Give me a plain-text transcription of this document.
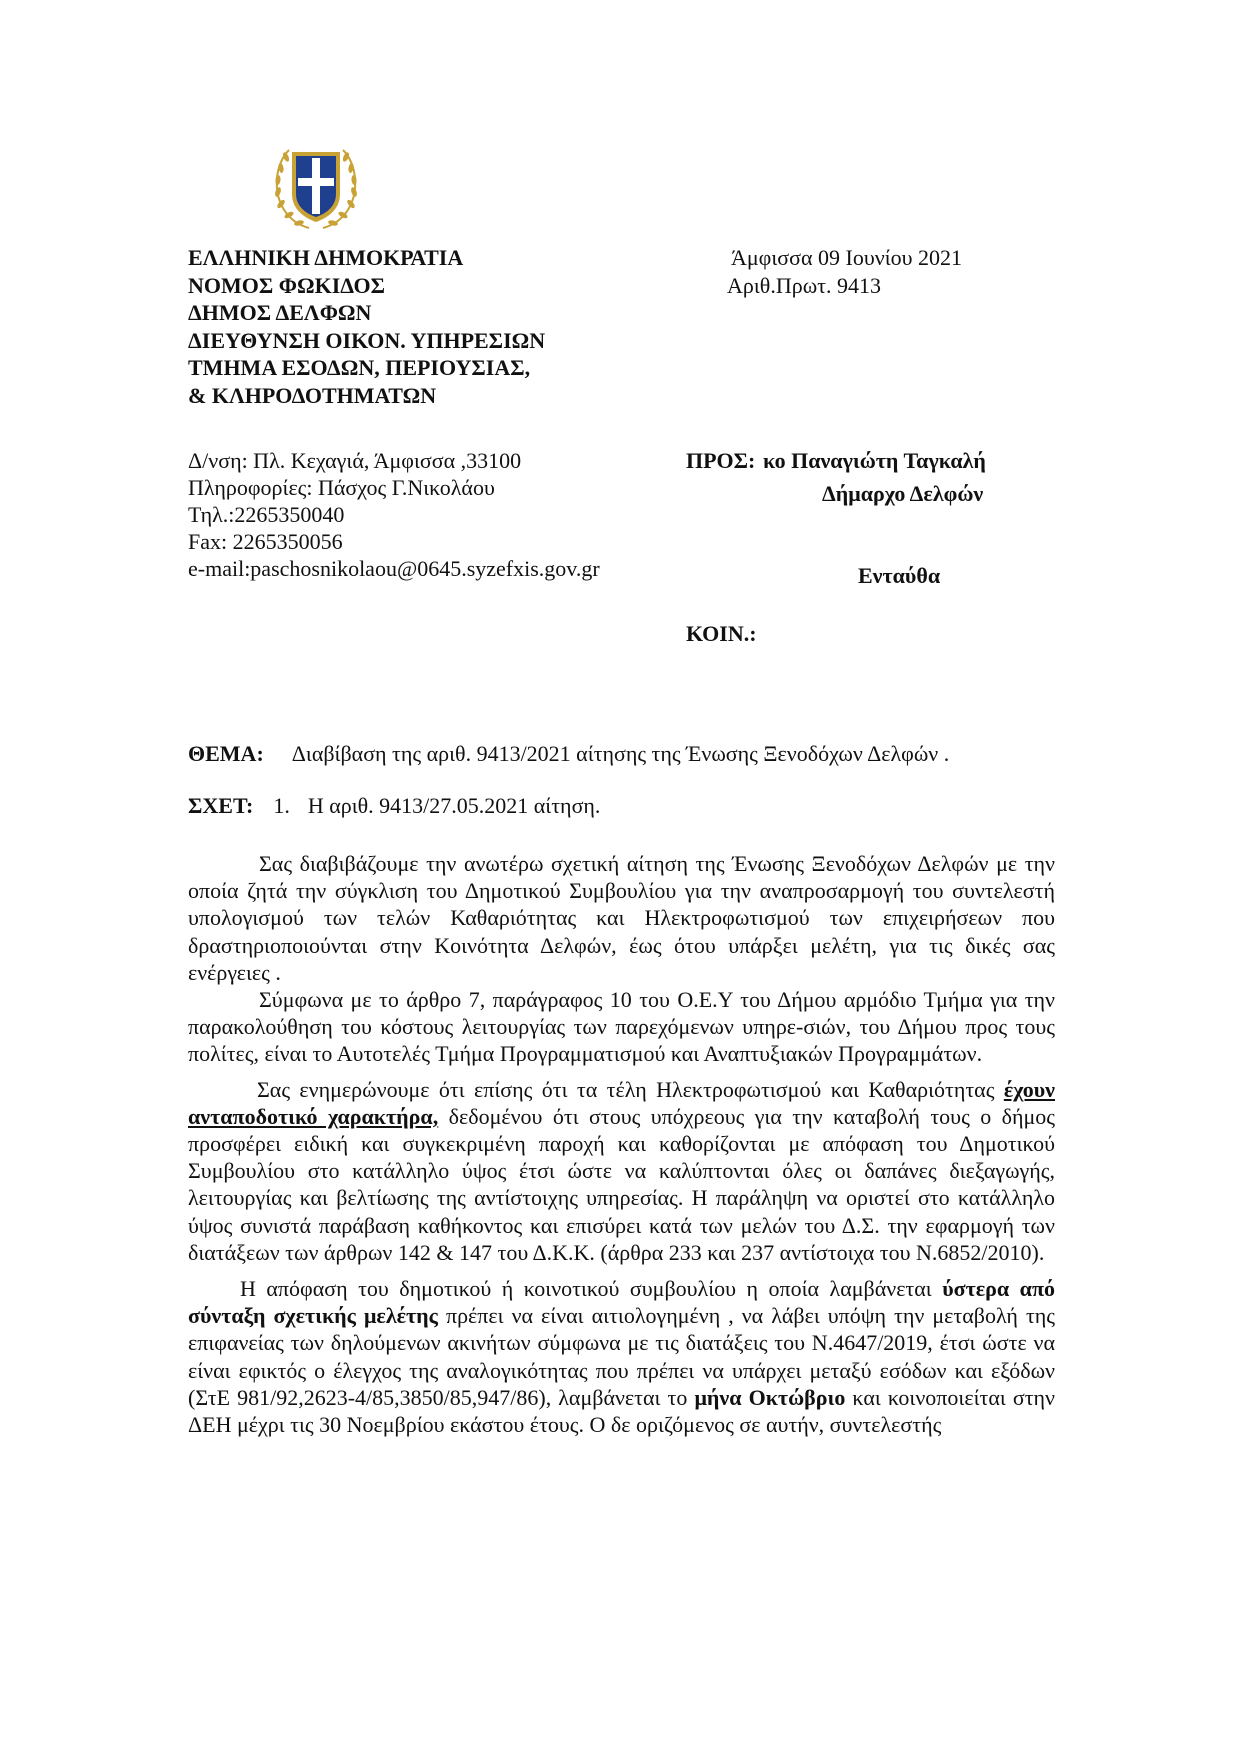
ΕΛΛΗΝΙΚΗ ΔΗΜΟΚΡΑΤΙΑ
ΝΟΜΟΣ ΦΩΚΙΔΟΣ
ΔΗΜΟΣ ΔΕΛΦΩΝ
ΔΙΕΥΘΥΝΣΗ ΟΙΚΟΝ. ΥΠΗΡΕΣΙΩΝ
ΤΜΗΜΑ ΕΣΟΔΩΝ, ΠΕΡΙΟΥΣΙΑΣ,
& ΚΛΗΡΟΔΟΤΗΜΑΤΩΝ
Άμφισσα 09 Ιουνίου 2021
Αριθ.Πρωτ. 9413
Δ/νση: Πλ. Κεχαγιά, Άμφισσα ,33100
Πληροφορίες: Πάσχος Γ.Νικολάου
Τηλ.:2265350040
Fax: 2265350056
e-mail:paschosnikolaou@0645.syzefxis.gov.gr
ΠΡΟΣ: κο Παναγιώτη Ταγκαλή
Δήμαρχο Δελφών
Ενταύθα
ΚΟΙΝ.:
ΘΕΜΑ: Διαβίβαση της αριθ. 9413/2021 αίτησης της Ένωσης Ξενοδόχων Δελφών .
ΣΧΕΤ: 1. Η αριθ. 9413/27.05.2021 αίτηση.

Σας διαβιβάζουμε την ανωτέρω σχετική αίτηση της Ένωσης Ξενοδόχων Δελφών με την οποία ζητά την σύγκλιση του Δημοτικού Συμβουλίου για την αναπροσαρμογή του συντελεστή υπολογισμού των τελών Καθαριότητας και Ηλεκτροφωτισμού των επιχειρήσεων που δραστηριοποιούνται στην Κοινότητα Δελφών, έως ότου υπάρξει μελέτη, για τις δικές σας ενέργειες .

Σύμφωνα με το άρθρο 7, παράγραφος 10 του Ο.Ε.Υ του Δήμου αρμόδιο Τμήμα για την παρακολούθηση του κόστους λειτουργίας των παρεχόμενων υπηρε-σιών, του Δήμου προς τους πολίτες, είναι το Αυτοτελές Τμήμα Προγραμματισμού και Αναπτυξιακών Προγραμμάτων.

Σας ενημερώνουμε ότι επίσης ότι τα τέλη Ηλεκτροφωτισμού και Καθαριότητας έχουν ανταποδοτικό χαρακτήρα, δεδομένου ότι στους υπόχρεους για την καταβολή τους ο δήμος προσφέρει ειδική και συγκεκριμένη παροχή και καθορίζονται με απόφαση του Δημοτικού Συμβουλίου στο κατάλληλο ύψος έτσι ώστε να καλύπτονται όλες οι δαπάνες διεξαγωγής, λειτουργίας και βελτίωσης της αντίστοιχης υπηρεσίας. Η παράληψη να οριστεί στο κατάλληλο ύψος συνιστά παράβαση καθήκοντος και επισύρει κατά των μελών του Δ.Σ. την εφαρμογή των διατάξεων των άρθρων 142 & 147 του Δ.Κ.Κ. (άρθρα 233 και 237 αντίστοιχα του Ν.6852/2010).

Η απόφαση του δημοτικού ή κοινοτικού συμβουλίου η οποία λαμβάνεται ύστερα από σύνταξη σχετικής μελέτης πρέπει να είναι αιτιολογημένη , να λάβει υπόψη την μεταβολή της επιφανείας των δηλούμενων ακινήτων σύμφωνα με τις διατάξεις του Ν.4647/2019, έτσι ώστε να είναι εφικτός ο έλεγχος της αναλογικότητας που πρέπει να υπάρχει μεταξύ εσόδων και εξόδων (ΣτΕ 981/92,2623-4/85,3850/85,947/86), λαμβάνεται το μήνα Οκτώβριο και κοινοποιείται στην ΔΕΗ μέχρι τις 30 Νοεμβρίου εκάστου έτους. Ο δε οριζόμενος σε αυτήν, συντελεστής
